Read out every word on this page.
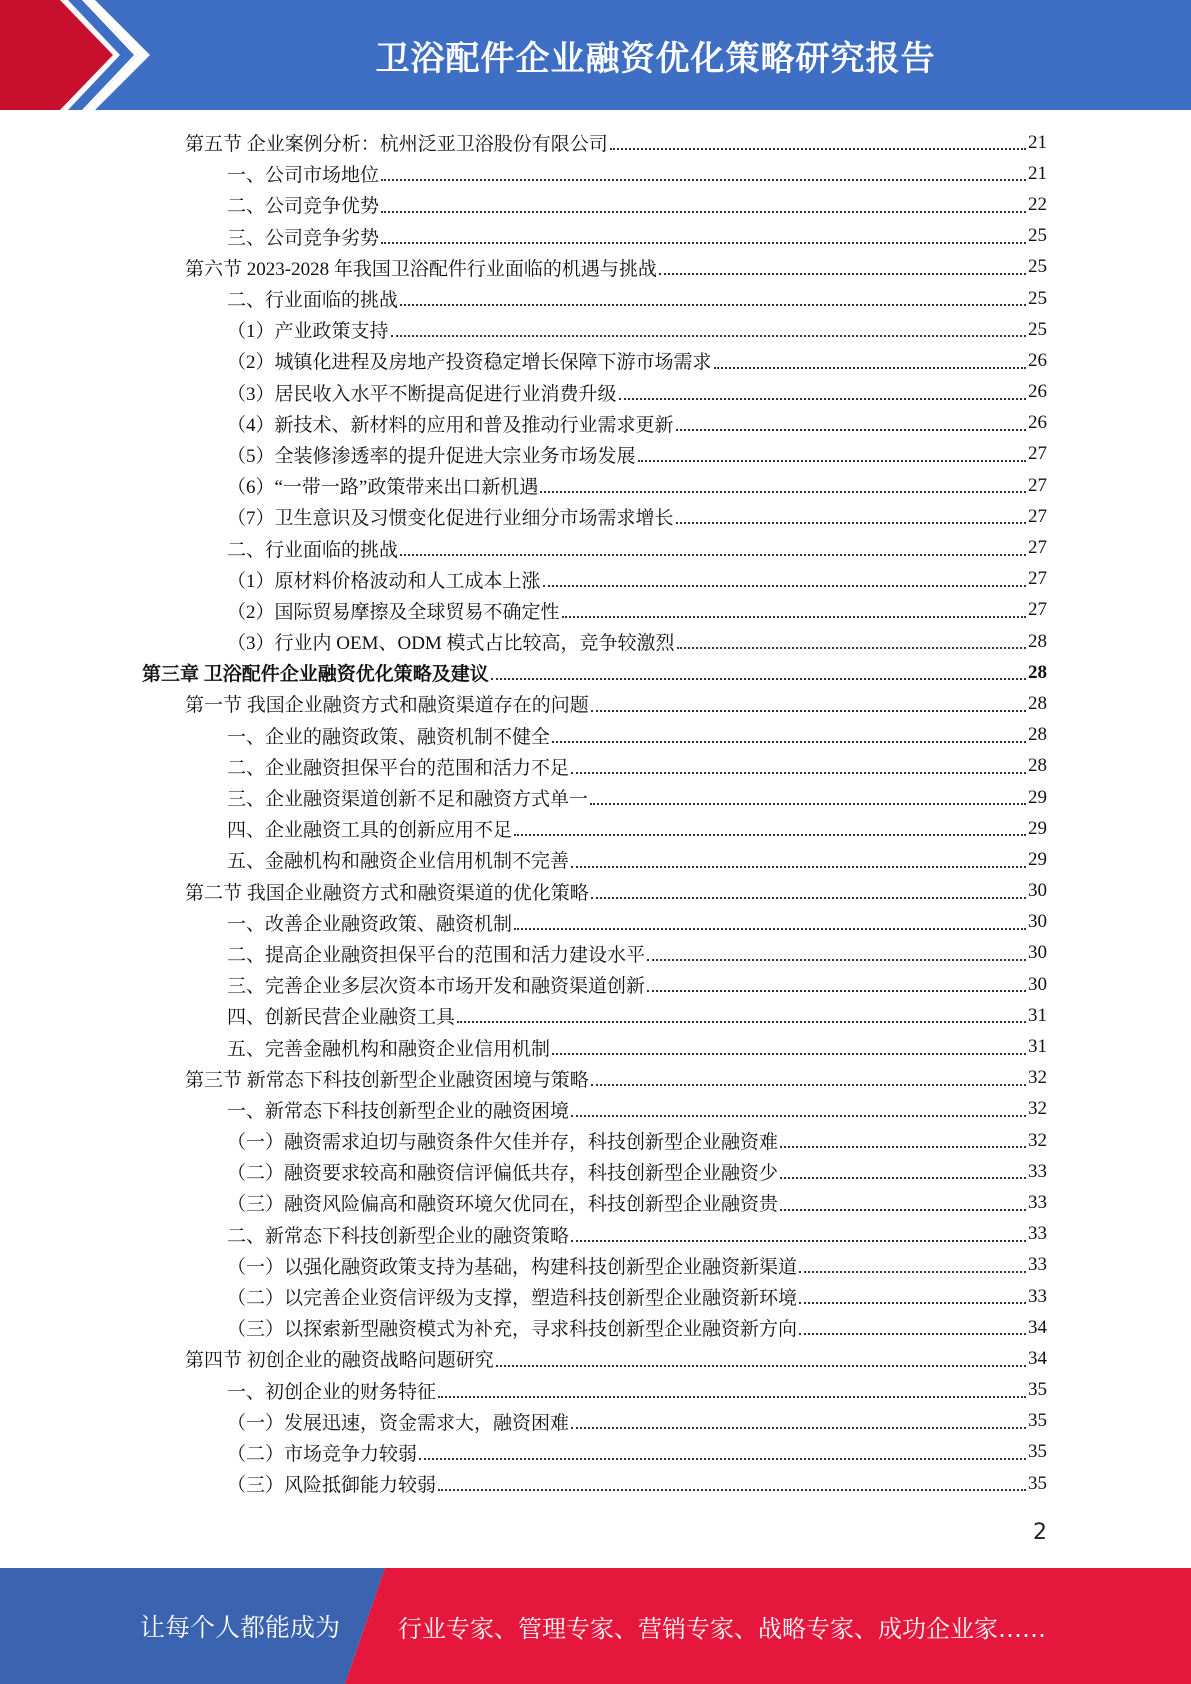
卫浴配件企业融资优化策略研究报告
第五节 企业案例分析：杭州泛亚卫浴股份有限公司	21
一、公司市场地位	21
二、公司竞争优势	22
三、公司竞争劣势	25
第六节 2023-2028 年我国卫浴配件行业面临的机遇与挑战	25
二、行业面临的挑战	25
（1）产业政策支持	25
（2）城镇化进程及房地产投资稳定增长保障下游市场需求	26
（3）居民收入水平不断提高促进行业消费升级	26
（4）新技术、新材料的应用和普及推动行业需求更新	26
（5）全装修渗透率的提升促进大宗业务市场发展	27
（6）“一带一路”政策带来出口新机遇	27
（7）卫生意识及习惯变化促进行业细分市场需求增长	27
二、行业面临的挑战	27
（1）原材料价格波动和人工成本上涨	27
（2）国际贸易摩擦及全球贸易不确定性	27
（3）行业内 OEM、ODM 模式占比较高，竞争较激烈	28
第三章 卫浴配件企业融资优化策略及建议	28
第一节 我国企业融资方式和融资渠道存在的问题	28
一、企业的融资政策、融资机制不健全	28
二、企业融资担保平台的范围和活力不足	28
三、企业融资渠道创新不足和融资方式单一	29
四、企业融资工具的创新应用不足	29
五、金融机构和融资企业信用机制不完善	29
第二节 我国企业融资方式和融资渠道的优化策略	30
一、改善企业融资政策、融资机制	30
二、提高企业融资担保平台的范围和活力建设水平	30
三、完善企业多层次资本市场开发和融资渠道创新	30
四、创新民营企业融资工具	31
五、完善金融机构和融资企业信用机制	31
第三节 新常态下科技创新型企业融资困境与策略	32
一、新常态下科技创新型企业的融资困境	32
（一）融资需求迫切与融资条件欠佳并存，科技创新型企业融资难	32
（二）融资要求较高和融资信评偏低共存，科技创新型企业融资少	33
（三）融资风险偏高和融资环境欠优同在，科技创新型企业融资贵	33
二、新常态下科技创新型企业的融资策略	33
（一）以强化融资政策支持为基础，构建科技创新型企业融资新渠道	33
（二）以完善企业资信评级为支撑，塑造科技创新型企业融资新环境	33
（三）以探索新型融资模式为补充，寻求科技创新型企业融资新方向	34
第四节 初创企业的融资战略问题研究	34
一、初创企业的财务特征	35
（一）发展迅速，资金需求大，融资困难	35
（二）市场竞争力较弱	35
（三）风险抵御能力较弱	35
2
让每个人都能成为 行业专家、管理专家、营销专家、战略专家、成功企业家……
